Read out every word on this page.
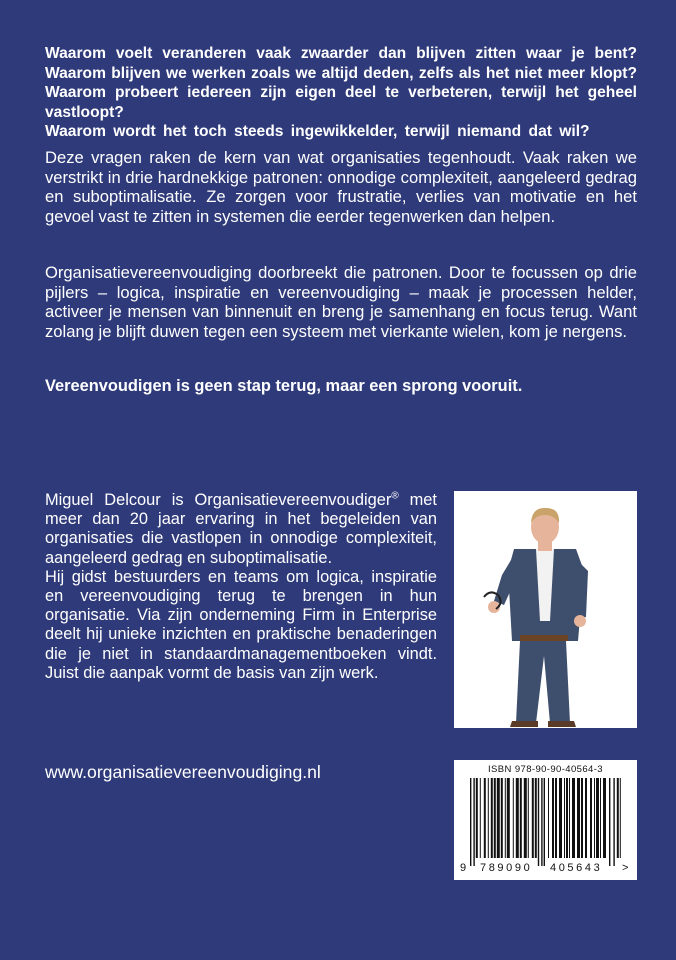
Waarom voelt veranderen vaak zwaarder dan blijven zitten waar je bent?
Waarom blijven we werken zoals we altijd deden, zelfs als het niet meer klopt?
Waarom probeert iedereen zijn eigen deel te verbeteren, terwijl het geheel vastloopt?
Waarom wordt het toch steeds ingewikkelder, terwijl niemand dat wil?
Deze vragen raken de kern van wat organisaties tegenhoudt. Vaak raken we verstrikt in drie hardnekkige patronen: onnodige complexiteit, aangeleerd gedrag en suboptimalisatie. Ze zorgen voor frustratie, verlies van motivatie en het gevoel vast te zitten in systemen die eerder tegenwerken dan helpen.
Organisatievereenvoudiging doorbreekt die patronen. Door te focussen op drie pijlers – logica, inspiratie en vereenvoudiging – maak je processen helder, activeer je mensen van binnenuit en breng je samenhang en focus terug. Want zolang je blijft duwen tegen een systeem met vierkante wielen, kom je nergens.
Vereenvoudigen is geen stap terug, maar een sprong vooruit.
Miguel Delcour is Organisatievereenvoudiger® met meer dan 20 jaar ervaring in het begeleiden van organisaties die vastlopen in onnodige complexiteit, aangeleerd gedrag en suboptimalisatie.
Hij gidst bestuurders en teams om logica, inspiratie en vereenvoudiging terug te brengen in hun organisatie. Via zijn onderneming Firm in Enterprise deelt hij unieke inzichten en praktische benaderingen die je niet in standaardmanagementboeken vindt. Juist die aanpak vormt de basis van zijn werk.
www.organisatievereenvoudiging.nl	ISBN 978-90-90-40564-3
9 789090 405643 >
